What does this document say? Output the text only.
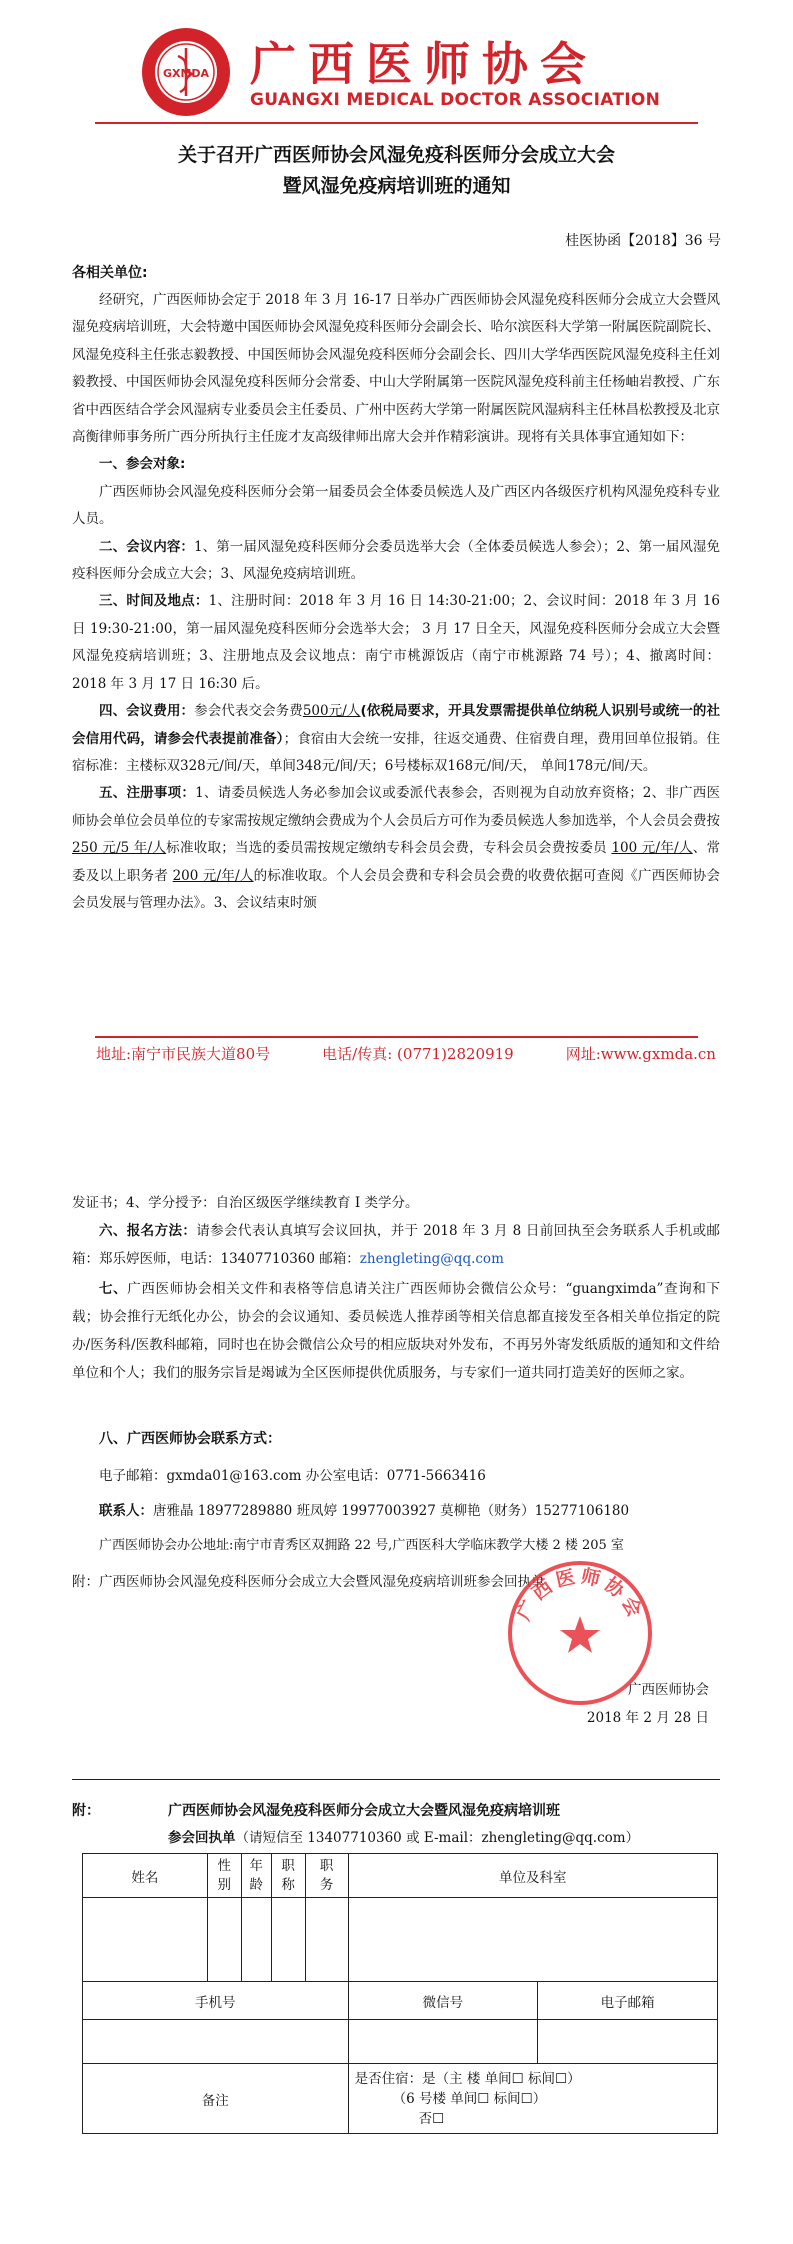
GXMDA 广西医师协会
GUANGXI MEDICAL DOCTOR ASSOCIATION
关于召开广西医师协会风湿免疫科医师分会成立大会
暨风湿免疫病培训班的通知
桂医协函【2018】36 号
各相关单位:
经研究，广西医师协会定于 2018 年 3 月 16-17 日举办广西医师协会风湿免疫科医师分会成立大会暨风湿免疫病培训班，大会特邀中国医师协会风湿免疫科医师分会副会长、哈尔滨医科大学第一附属医院副院长、风湿免疫科主任张志毅教授、中国医师协会风湿免疫科医师分会副会长、四川大学华西医院风湿免疫科主任刘毅教授、中国医师协会风湿免疫科医师分会常委、中山大学附属第一医院风湿免疫科前主任杨岫岩教授、广东省中西医结合学会风湿病专业委员会主任委员、广州中医药大学第一附属医院风湿病科主任林昌松教授及北京高衡律师事务所广西分所执行主任庞才友高级律师出席大会并作精彩演讲。现将有关具体事宜通知如下：
一、参会对象:
广西医师协会风湿免疫科医师分会第一届委员会全体委员候选人及广西区内各级医疗机构风湿免疫科专业人员。
二、会议内容：1、第一届风湿免疫科医师分会委员选举大会（全体委员候选人参会）；2、第一届风湿免疫科医师分会成立大会；3、风湿免疫病培训班。
三、时间及地点：1、注册时间：2018 年 3 月 16 日 14:30-21:00；2、会议时间：2018 年 3 月 16 日 19:30-21:00，第一届风湿免疫科医师分会选举大会； 3 月 17 日全天，风湿免疫科医师分会成立大会暨风湿免疫病培训班；3、注册地点及会议地点：南宁市桃源饭店（南宁市桃源路 74 号）；4、撤离时间：2018 年 3 月 17 日 16:30 后。
四、会议费用：参会代表交会务费500元/人(依税局要求，开具发票需提供单位纳税人识别号或统一的社会信用代码，请参会代表提前准备）；食宿由大会统一安排，往返交通费、住宿费自理，费用回单位报销。住宿标准：主楼标双328元/间/天，单间348元/间/天；6号楼标双168元/间/天， 单间178元/间/天。
五、注册事项：1、请委员候选人务必参加会议或委派代表参会，否则视为自动放弃资格；2、非广西医师协会单位会员单位的专家需按规定缴纳会费成为个人会员后方可作为委员候选人参加选举，个人会员会费按 250 元/5 年/人标准收取；当选的委员需按规定缴纳专科会员会费，专科会员会费按委员 100 元/年/人、常委及以上职务者 200 元/年/人的标准收取。个人会员会费和专科会员会费的收费依据可查阅《广西医师协会会员发展与管理办法》。3、会议结束时颁
地址:南宁市民族大道80号	电话/传真: (0771)2820919	网址:www.gxmda.cn
发证书；4、学分授予：自治区级医学继续教育 I 类学分。
六、报名方法：请参会代表认真填写会议回执，并于 2018 年 3 月 8 日前回执至会务联系人手机或邮箱：郑乐婷医师，电话：13407710360 邮箱：zhengleting@qq.com
七、广西医师协会相关文件和表格等信息请关注广西医师协会微信公众号：“guangximda”查询和下载；协会推行无纸化办公，协会的会议通知、委员候选人推荐函等相关信息都直接发至各相关单位指定的院办/医务科/医教科邮箱，同时也在协会微信公众号的相应版块对外发布，不再另外寄发纸质版的通知和文件给单位和个人；我们的服务宗旨是竭诚为全区医师提供优质服务，与专家们一道共同打造美好的医师之家。
八、广西医师协会联系方式：
电子邮箱：gxmda01@163.com 办公室电话：0771-5663416
联系人：唐雅晶 18977289880 班凤婷 19977003927 莫柳艳（财务）15277106180
广西医师协会办公地址:南宁市青秀区双拥路 22 号,广西医科大学临床教学大楼 2 楼 205 室
附：广西医师协会风湿免疫科医师分会成立大会暨风湿免疫病培训班参会回执单
广西医师协会
广西医师协会
2018 年 2 月 28 日
附：	广西医师协会风湿免疫科医师分会成立大会暨风湿免疫病培训班
参会回执单（请短信至 13407710360 或 E-mail：zhengleting@qq.com）
姓名	性别	年龄	职称	职务	单位及科室	

手机号					微信号	电子邮箱

备注					是否住宿：是（主 楼 单间☐ 标间☐）
（6 号楼 单间☐ 标间☐）
否☐	
